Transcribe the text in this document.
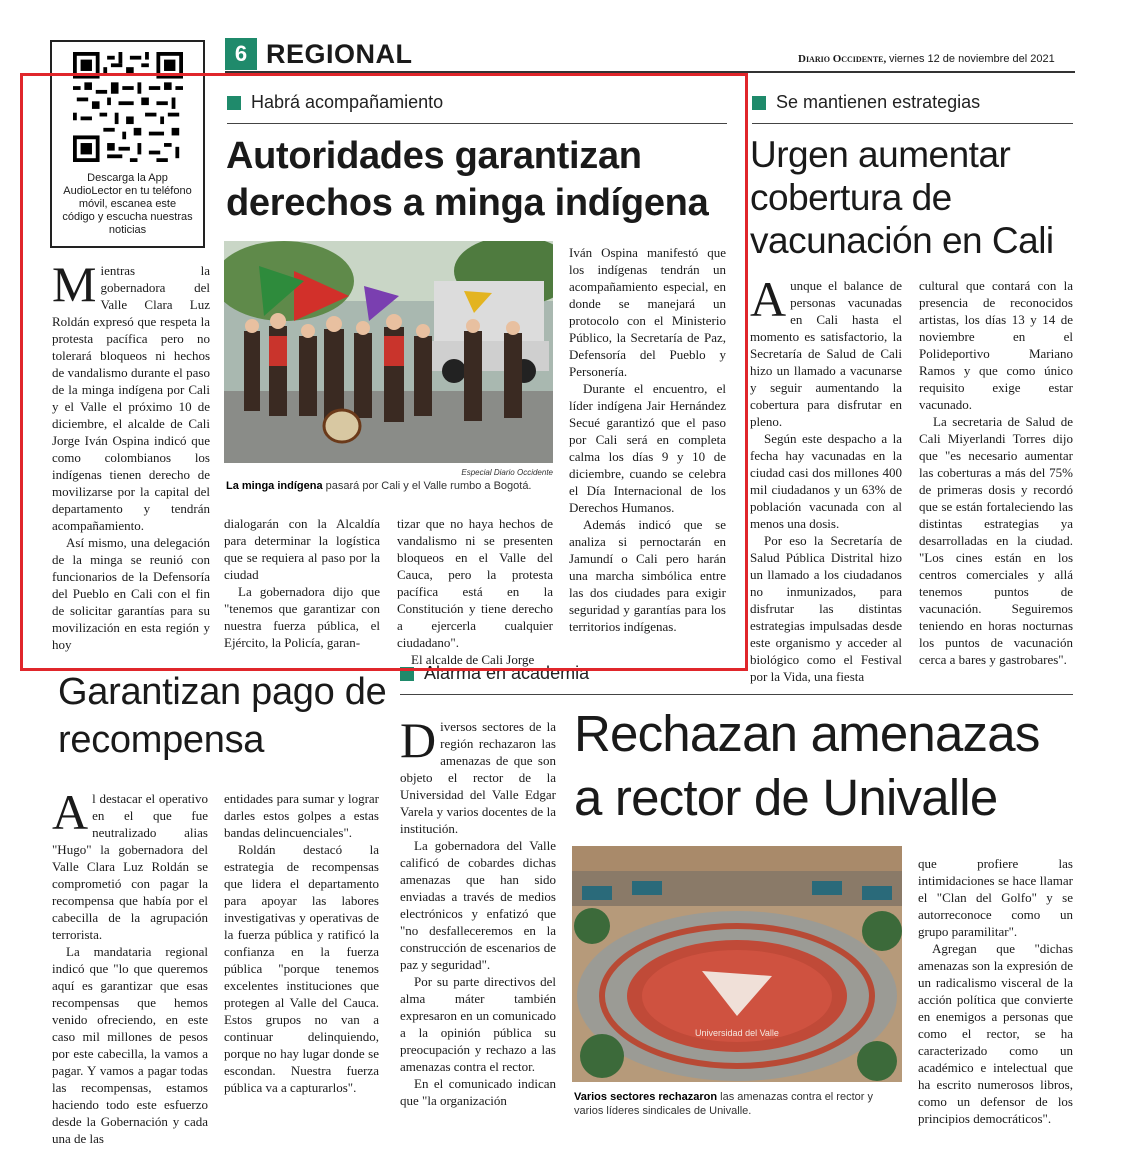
6 REGIONAL	Diario Occidente, viernes 12 de noviembre del 2021
Descarga la App AudioLector en tu teléfono móvil, escanea este código y escucha nuestras noticias
Habrá acompañamiento
Autoridades garantizan derechos a minga indígena

Mientras la gobernadora del Valle Clara Luz Roldán expresó que respeta la protesta pacífica pero no tolerará bloqueos ni hechos de vandalismo durante el paso de la minga indígena por Cali y el Valle el próximo 10 de diciembre, el alcalde de Cali Jorge Iván Ospina indicó que como colombianos los indígenas tienen derecho de movilizarse por la capital del departamento y tendrán acompañamiento.

Así mismo, una delegación de la minga se reunió con funcionarios de la Defensoría del Pueblo en Cali con el fin de solicitar garantías para su movilización en esta región y hoy

Especial Diario Occidente
La minga indígena pasará por Cali y el Valle rumbo a Bogotá.

dialogarán con la Alcaldía para determinar la logística que se requiera al paso por la ciudad

La gobernadora dijo que "tenemos que garantizar con nuestra fuerza pública, el Ejército, la Policía, garan-

tizar que no haya hechos de vandalismo ni se presenten bloqueos en el Valle del Cauca, pero la protesta pacífica está en la Constitución y tiene derecho a ejercerla cualquier ciudadano".

El alcalde de Cali Jorge

Iván Ospina manifestó que los indígenas tendrán un acompañamiento especial, en donde se manejará un protocolo con el Ministerio Público, la Secretaría de Paz, Defensoría del Pueblo y Personería.

Durante el encuentro, el líder indígena Jair Hernández Secué garantizó que el paso por Cali será en completa calma los días 9 y 10 de diciembre, cuando se celebra el Día Internacional de los Derechos Humanos.

Además indicó que se analiza si pernoctarán en Jamundí o Cali pero harán una marcha simbólica entre las dos ciudades para exigir seguridad y garantías para los territorios indígenas.

Se mantienen estrategias
Urgen aumentar cobertura de vacunación en Cali

Aunque el balance de personas vacunadas en Cali hasta el momento es satisfactorio, la Secretaría de Salud de Cali hizo un llamado a vacunarse y seguir aumentando la cobertura para disfrutar en pleno.

Según este despacho a la fecha hay vacunadas en la ciudad casi dos millones 400 mil ciudadanos y un 63% de población vacunada con al menos una dosis.

Por eso la Secretaría de Salud Pública Distrital hizo un llamado a los ciudadanos no inmunizados, para disfrutar las distintas estrategias impulsadas desde este organismo y acceder al biológico como el Festival por la Vida, una fiesta

cultural que contará con la presencia de reconocidos artistas, los días 13 y 14 de noviembre en el Polideportivo Mariano Ramos y que como único requisito exige estar vacunado.

La secretaria de Salud de Cali Miyerlandi Torres dijo que "es necesario aumentar las coberturas a más del 75% de primeras dosis y recordó que se están fortaleciendo las distintas estrategias ya desarrolladas en la ciudad. "Los cines están en los centros comerciales y allá tenemos puntos de vacunación. Seguiremos teniendo en horas nocturnas los puntos de vacunación cerca a bares y gastrobares".

Garantizan pago de recompensa

Al destacar el operativo en el que fue neutralizado alias "Hugo" la gobernadora del Valle Clara Luz Roldán se comprometió con pagar la recompensa que había por el cabecilla de la agrupación terrorista.

La mandataria regional indicó que "lo que queremos aquí es garantizar que esas recompensas que hemos venido ofreciendo, en este caso mil millones de pesos por este cabecilla, la vamos a pagar. Y vamos a pagar todas las recompensas, estamos haciendo todo este esfuerzo desde la Gobernación y cada una de las

entidades para sumar y lograr darles estos golpes a estas bandas delincuenciales".

Roldán destacó la estrategia de recompensas que lidera el departamento para apoyar las labores investigativas y operativas de la fuerza pública y ratificó la confianza en la fuerza pública "porque tenemos excelentes instituciones que protegen al Valle del Cauca. Estos grupos no van a continuar delinquiendo, porque no hay lugar donde se escondan. Nuestra fuerza pública va a capturarlos".

Alarma en academia
Rechazan amenazas a rector de Univalle

Diversos sectores de la región rechazaron las amenazas de que son objeto el rector de la Universidad del Valle Edgar Varela y varios docentes de la institución.

La gobernadora del Valle calificó de cobardes dichas amenazas que han sido enviadas a través de medios electrónicos y enfatizó que "no desfalleceremos en la construcción de escenarios de paz y seguridad".

Por su parte directivos del alma máter también expresaron en un comunicado a la opinión pública su preocupación y rechazo a las amenazas contra el rector.

En el comunicado indican que "la organización

Universidad del Valle
Varios sectores rechazaron las amenazas contra el rector y varios líderes sindicales de Univalle.

que profiere las intimidaciones se hace llamar el "Clan del Golfo" y se autorreconoce como un grupo paramilitar".

Agregan que "dichas amenazas son la expresión de un radicalismo visceral de la acción política que convierte en enemigos a personas que como el rector, se ha caracterizado como un académico e intelectual que ha escrito numerosos libros, como un defensor de los principios democráticos".
